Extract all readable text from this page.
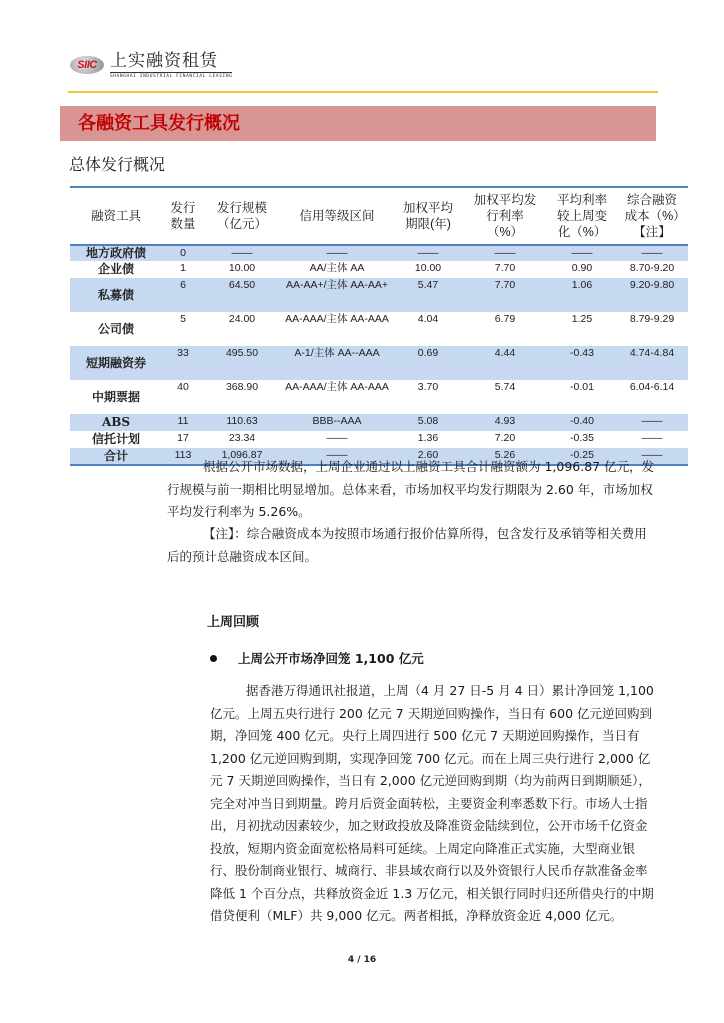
SIIC 上实融资租赁
SHANGHAI INDUSTRIAL FINANCIAL LEASING
各融资工具发行概况
总体发行概况
融资工具	发行数量	发行规模（亿元）	信用等级区间	加权平均期限(年)	加权平均发行利率（%）	平均利率较上周变化（%）	综合融资成本（%）【注】
地方政府债	0	——	——	——	——	——	——
企业债	1	10.00	AA/主体 AA	10.00	7.70	0.90	8.70-9.20
私募债	6	64.50	AA-AA+/主体 AA-AA+	5.47	7.70	1.06	9.20-9.80
公司债	5	24.00	AA-AAA/主体 AA-AAA	4.04	6.79	1.25	8.79-9.29
短期融资券	33	495.50	A-1/主体 AA--AAA	0.69	4.44	-0.43	4.74-4.84
中期票据	40	368.90	AA-AAA/主体 AA-AAA	3.70	5.74	-0.01	6.04-6.14
ABS	11	110.63	BBB--AAA	5.08	4.93	-0.40	——
信托计划	17	23.34	——	1.36	7.20	-0.35	——
合计	113	1,096.87	——	2.60	5.26	-0.25	——
根据公开市场数据，上周企业通过以上融资工具合计融资额为 1,096.87 亿元，发行规模与前一期相比明显增加。总体来看，市场加权平均发行期限为 2.60 年，市场加权平均发行利率为 5.26%。
【注】：综合融资成本为按照市场通行报价估算所得，包含发行及承销等相关费用后的预计总融资成本区间。
上周回顾
上周公开市场净回笼 1,100 亿元
据香港万得通讯社报道，上周（4 月 27 日-5 月 4 日）累计净回笼 1,100 亿元。上周五央行进行 200 亿元 7 天期逆回购操作，当日有 600 亿元逆回购到期，净回笼 400 亿元。央行上周四进行 500 亿元 7 天期逆回购操作，当日有 1,200 亿元逆回购到期，实现净回笼 700 亿元。而在上周三央行进行 2,000 亿元 7 天期逆回购操作，当日有 2,000 亿元逆回购到期（均为前两日到期顺延），完全对冲当日到期量。跨月后资金面转松，主要资金利率悉数下行。市场人士指出，月初扰动因素较少，加之财政投放及降准资金陆续到位，公开市场千亿资金投放，短期内资金面宽松格局料可延续。上周定向降准正式实施，大型商业银行、股份制商业银行、城商行、非县域农商行以及外资银行人民币存款准备金率降低 1 个百分点，共释放资金近 1.3 万亿元，相关银行同时归还所借央行的中期借贷便利（MLF）共 9,000 亿元。两者相抵，净释放资金近 4,000 亿元。
4 / 16
